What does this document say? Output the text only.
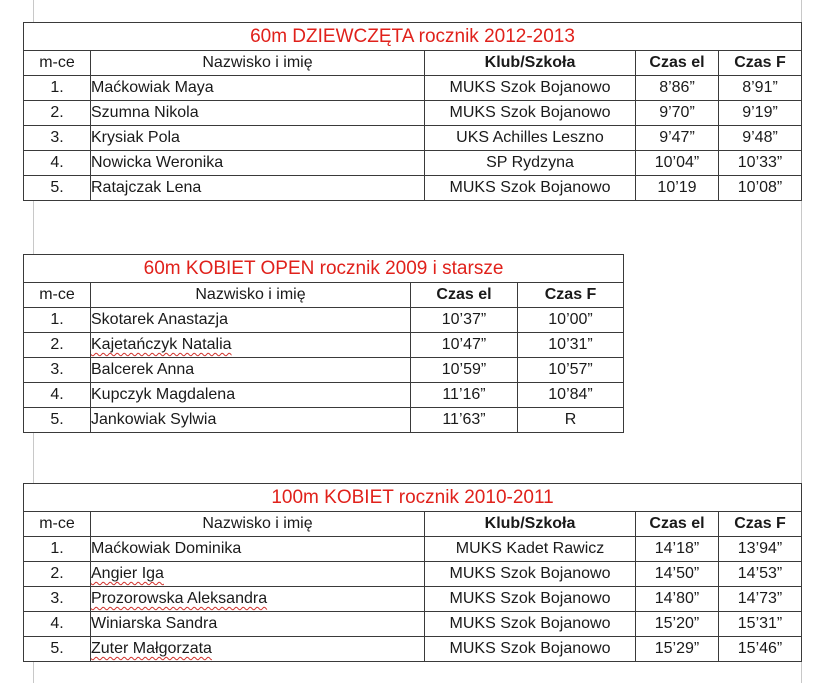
60m DZIEWCZĘTA rocznik 2012-2013				
m-ce	Nazwisko i imię	Klub/Szkoła	Czas el	Czas F
1.	Maćkowiak Maya	MUKS Szok Bojanowo	8’86”	8’91”
2.	Szumna Nikola	MUKS Szok Bojanowo	9’70”	9’19”
3.	Krysiak Pola	UKS Achilles Leszno	9’47”	9’48”
4.	Nowicka Weronika	SP Rydzyna	10’04”	10’33”
5.	Ratajczak Lena	MUKS Szok Bojanowo	10’19	10’08”
60m KOBIET OPEN rocznik 2009 i starsze			
m-ce	Nazwisko i imię	Czas el	Czas F
1.	Skotarek Anastazja	10’37”	10’00”
2.	Kajetańczyk Natalia	10’47”	10’31”
3.	Balcerek Anna	10’59”	10’57”
4.	Kupczyk Magdalena	11’16”	10’84”
5.	Jankowiak Sylwia	11’63”	R
100m KOBIET rocznik 2010-2011				
m-ce	Nazwisko i imię	Klub/Szkoła	Czas el	Czas F
1.	Maćkowiak Dominika	MUKS Kadet Rawicz	14’18”	13’94”
2.	Angier Iga	MUKS Szok Bojanowo	14’50”	14’53”
3.	Prozorowska Aleksandra	MUKS Szok Bojanowo	14’80”	14’73”
4.	Winiarska Sandra	MUKS Szok Bojanowo	15’20”	15’31”
5.	Zuter Małgorzata	MUKS Szok Bojanowo	15’29”	15’46”
